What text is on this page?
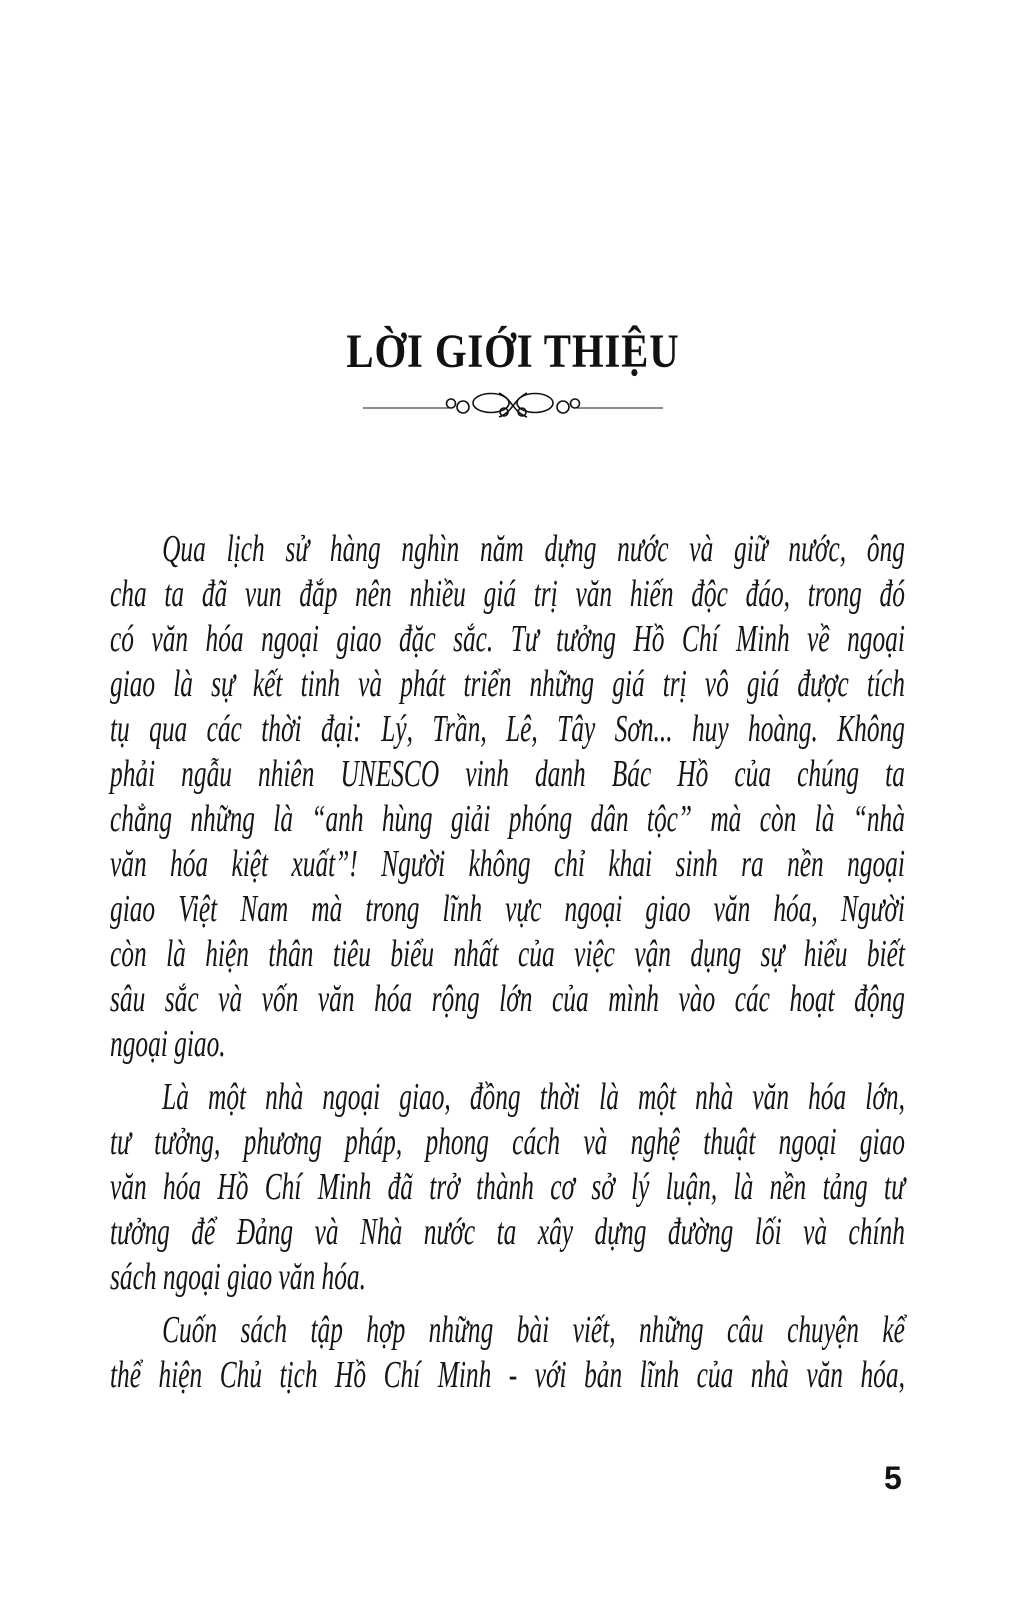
LỜI GIỚI THIỆU
Qua lịch sử hàng nghìn năm dựng nước và giữ nước, ông
cha ta đã vun đắp nên nhiều giá trị văn hiến độc đáo, trong đó
có văn hóa ngoại giao đặc sắc. Tư tưởng Hồ Chí Minh về ngoại
giao là sự kết tinh và phát triển những giá trị vô giá được tích
tụ qua các thời đại: Lý, Trần, Lê, Tây Sơn... huy hoàng. Không
phải ngẫu nhiên UNESCO vinh danh Bác Hồ của chúng ta
chẳng những là “anh hùng giải phóng dân tộc” mà còn là “nhà
văn hóa kiệt xuất”! Người không chỉ khai sinh ra nền ngoại
giao Việt Nam mà trong lĩnh vực ngoại giao văn hóa, Người
còn là hiện thân tiêu biểu nhất của việc vận dụng sự hiểu biết
sâu sắc và vốn văn hóa rộng lớn của mình vào các hoạt động
ngoại giao.
Là một nhà ngoại giao, đồng thời là một nhà văn hóa lớn,
tư tưởng, phương pháp, phong cách và nghệ thuật ngoại giao
văn hóa Hồ Chí Minh đã trở thành cơ sở lý luận, là nền tảng tư
tưởng để Đảng và Nhà nước ta xây dựng đường lối và chính
sách ngoại giao văn hóa.
Cuốn sách tập hợp những bài viết, những câu chuyện kể
thể hiện Chủ tịch Hồ Chí Minh - với bản lĩnh của nhà văn hóa,
5
